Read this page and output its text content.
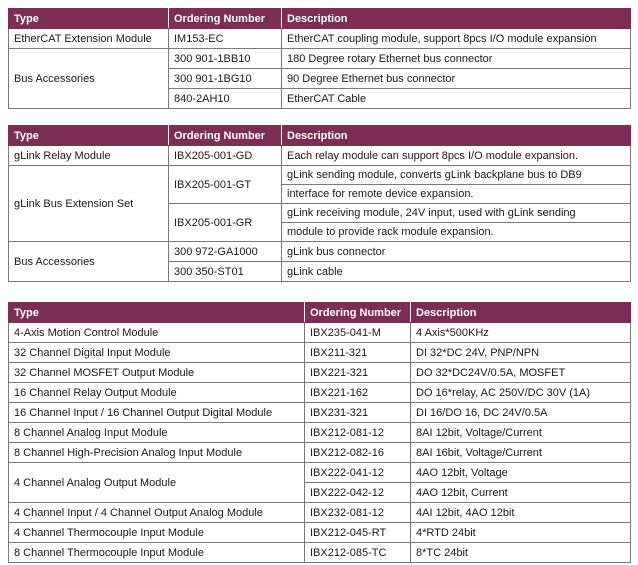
Type	Ordering Number	Description
EtherCAT Extension Module	IM153-EC	EtherCAT coupling module, support 8pcs I/O module expansion
Bus Accessories	300 901-1BB10	180 Degree rotary Ethernet bus connector
	300 901-1BG10	90 Degree Ethernet bus connector
	840-2AH10	EtherCAT Cable
Type	Ordering Number	Description
gLink Relay Module	IBX205-001-GD	Each relay module can support 8pcs I/O module expansion.
gLink Bus Extension Set	IBX205-001-GT	gLink sending module, converts gLink backplane bus to DB9
		interface for remote device expansion.
	IBX205-001-GR	gLink receiving module, 24V input, used with gLink sending
		module to provide rack module expansion.
Bus Accessories	300 972-GA1000	gLink bus connector
	300 350-ST01	gLink cable
Type	Ordering Number	Description
4-Axis Motion Control Module	IBX235-041-M	4 Axis*500KHz
32 Channel Digital Input Module	IBX211-321	DI 32*DC 24V, PNP/NPN
32 Channel MOSFET Output Module	IBX221-321	DO 32*DC24V/0.5A, MOSFET
16 Channel Relay Output Module	IBX221-162	DO 16*relay, AC 250V/DC 30V (1A)
16 Channel Input / 16 Channel Output Digital Module	IBX231-321	DI 16/DO 16, DC 24V/0.5A
8 Channel Analog Input Module	IBX212-081-12	8AI 12bit, Voltage/Current
8 Channel High-Precision Analog Input Module	IBX212-082-16	8AI 16bit, Voltage/Current
4 Channel Analog Output Module	IBX222-041-12	4AO 12bit, Voltage
	IBX222-042-12	4AO 12bit, Current
4 Channel Input / 4 Channel Output Analog Module	IBX232-081-12	4AI 12bit, 4AO 12bit
4 Channel Thermocouple Input Module	IBX212-045-RT	4*RTD 24bit
8 Channel Thermocouple Input Module	IBX212-085-TC	8*TC 24bit
